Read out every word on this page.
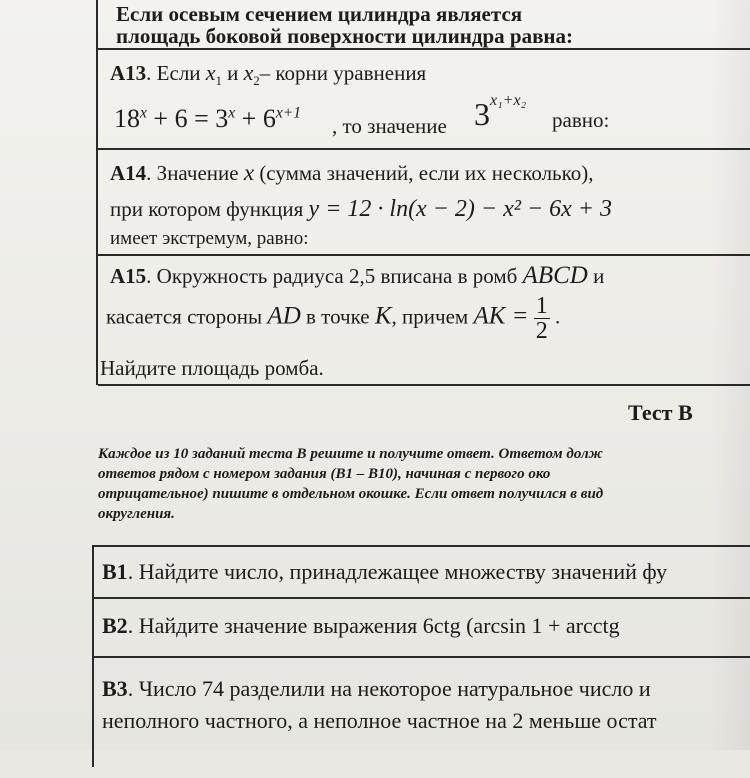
Если осевым сечением цилиндра является
площадь боковой поверхности цилиндра равна:
А13. Если $x_1$ и $x_2-$ корни уравнения
$18^x + 6 = 3^x + 6^{x+1}$
, то значение $3^{x_1+x_2}$
равно:
А14. Значение x (сумма значений, если их несколько),
при котором функция y = 12 · ln(x − 2) − x² − 6x + 3
имеет экстремум, равно:
А15. Окружность радиуса 2,5 вписана в ромб ABCD и
касается стороны AD в точке K, причем AK = $\frac{1}{2}$ .
Найдите площадь ромба.
Тест В
Каждое из 10 заданий теста В решите и получите ответ. Ответом долж
ответов рядом с номером задания (В1 – В10), начиная с первого око
отрицательное) пишите в отдельном окошке. Если ответ получился в вид
округления.
В1. Найдите число, принадлежащее множеству значений фу
В2. Найдите значение выражения 6ctg (arcsin 1 + arcctg
В3. Число 74 разделили на некоторое натуральное число и
неполного частного, а неполное частное на 2 меньше остат
